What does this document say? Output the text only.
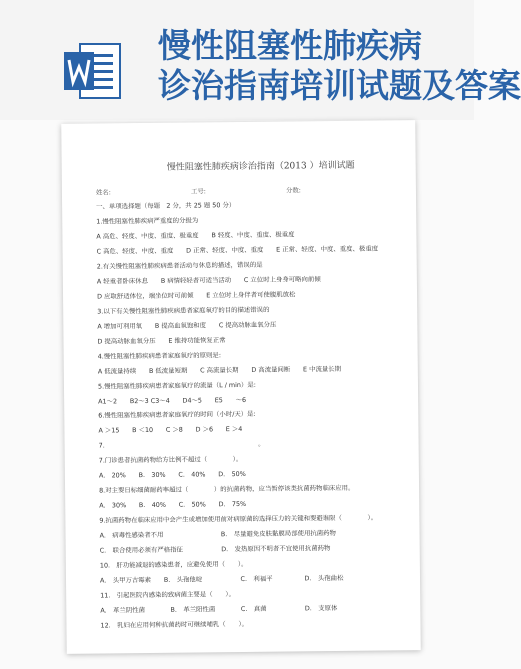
慢性阻塞性肺疾病
诊治指南培训试题及答案
慢性阻塞性肺疾病诊治指南（2013 ）培训试题
姓名:	工号:	分数:
一、单项选择题（每题　2 分，共 25 题 50 分）
1.慢性阻塞性肺疾病严重度的分级为
A 高危、轻度、中度、重度、极重度　　B 轻度、中度、重度、极重度
C 高危、轻度、中度、重度　　D 正常、轻度、中度、重度　　E 正常、轻度、中度、重度、极重度
2.有关慢性阻塞性肺疾病患者活动与休息的描述，错误的是
A 轻重者卧床休息　　B 病情轻轻者可适当活动　　C 立位时上身身可略向前倾
D 应取舒适体位，端坐位时可前倾　　E 立位时上身伴者可使腹肌放松
3.以下有关慢性阻塞性肺疾病患者家庭氧疗的目的描述错误的
A 增加可利用氧　　B 提高血氧饱和度　　C 提高动脉血氧分压
D 提高动脉血氧分压　　E 维持功能恢复正常
4.慢性阻塞性肺疾病患者家庭氧疗的原则是:
A 低流量持续　　B 低流量短期　　C 高流量长期　　D 高流量间断　　E 中流量长期
5.慢性阻塞性肺疾病患者家庭氧疗的流量（L / min）是:
A1～2　　B2～3 C3～4　　D4～5　　E5　　～6
6.慢性阻塞性肺疾病患者家庭氧疗的时间（小时/天）是:
A ＞15　　B ＜10　　C ＞8　　D ＞6　　E ＞4
7.　　　　　　　　　　　　　　　　　　　　　　　　。
7.门诊患者抗菌药物给方比例不超过（　　　　）。
A.　20%　　B.　30%　　C.　40%　　D.　50%
8.对主要日标细菌耐药率超过（　　　　）的抗菌药物，应当暂停该类抗菌药物临床应用。
A.　30%　　B.　40%　　C.　50%　　D.　75%
9.抗菌药物在临床应用中会产生或增加使用前对病原菌的选择压力的关键和要避谁限（　　　　）。
A.　病毒性感染者不用　　　　　　　　　B.　尽量避免皮肤黏膜局部使用抗菌药物
C.　联合使用必须有严格指征　　　　　　D.　发热原因不明者不宜使用抗菌药物
10.　肝功能减退的感染患者，应避免使用（　　）。
A.　头甲万古霉素　　B.　头孢他啶　　　　　　C.　利福平　　　　　D.　头孢曲松
11.　引起医院内感染的致病菌主要是（　　）。
A.　革兰阴性菌　　　　B.　革兰阳性菌　　　　C.　真菌　　　　　　D.　支原体
12.　乳妇在应用何种抗菌药时可继续哺乳（　　）。
